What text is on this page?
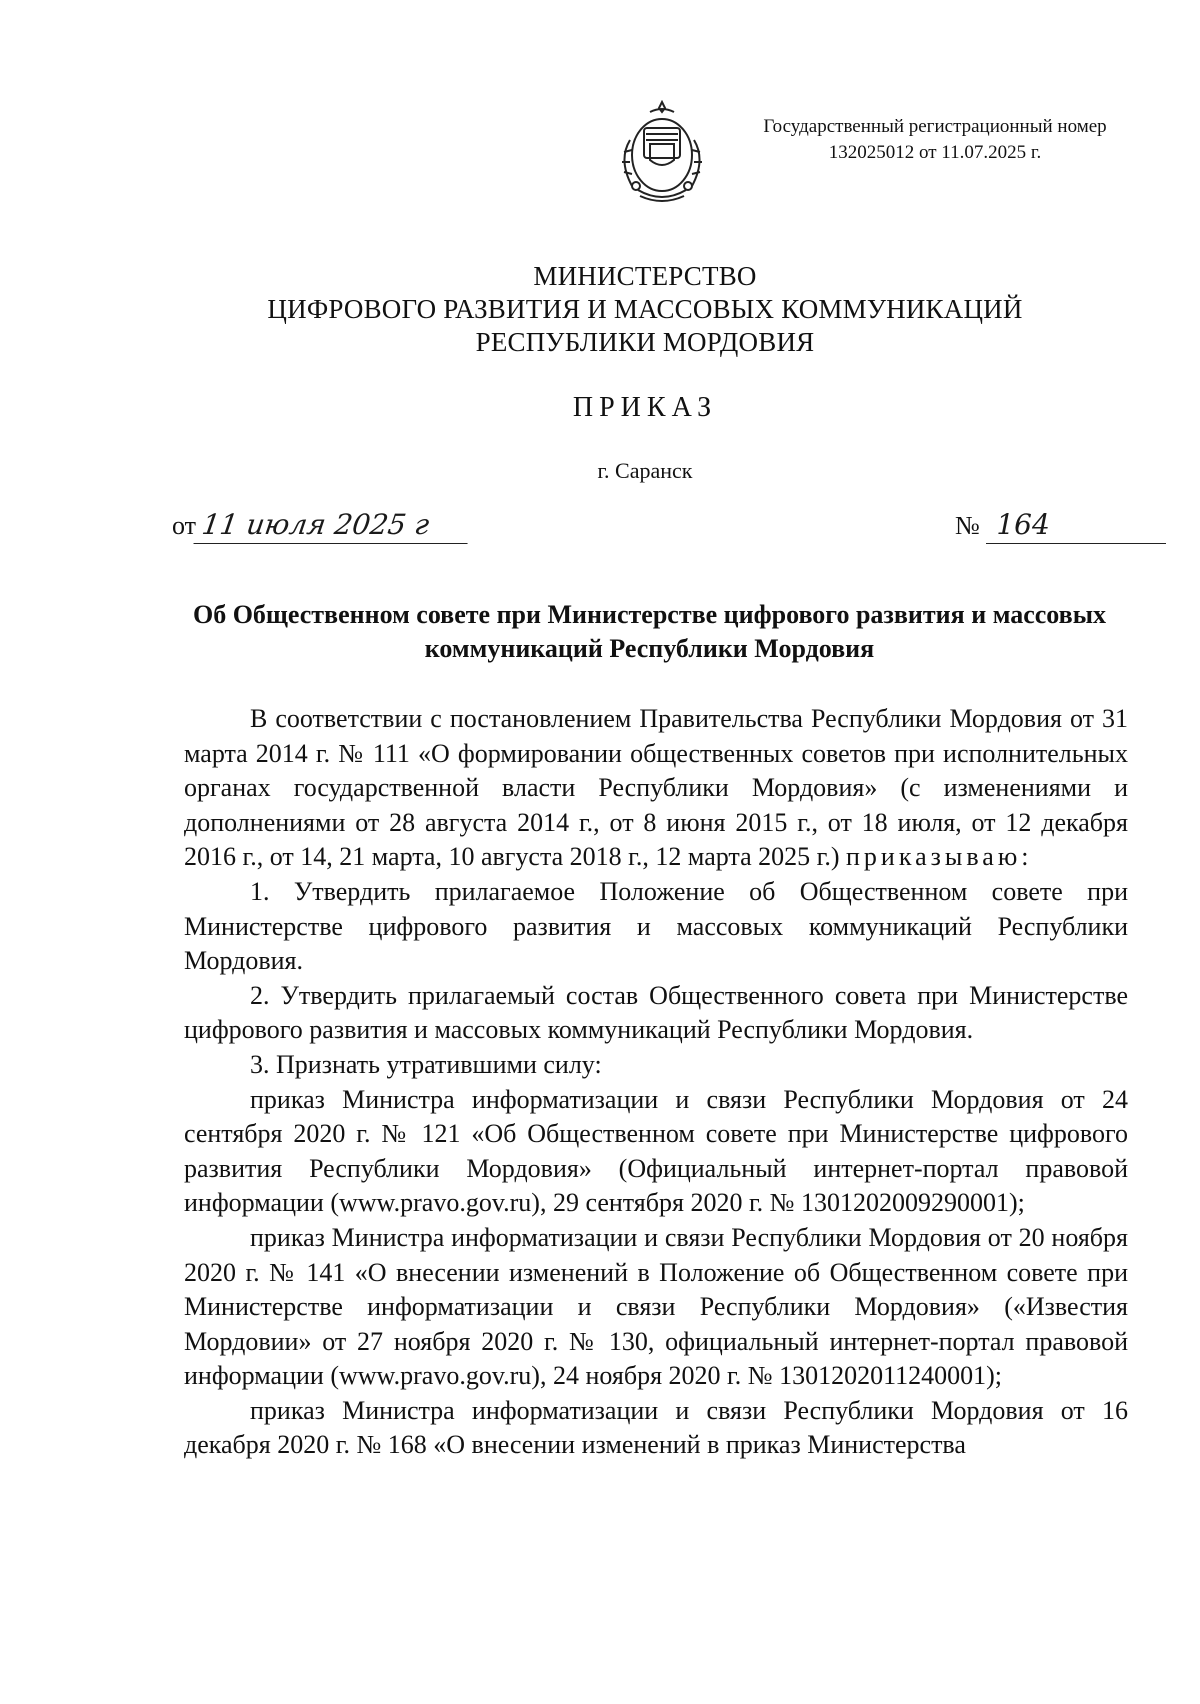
Государственный регистрационный номер
132025012 от 11.07.2025 г.
МИНИСТЕРСТВО
ЦИФРОВОГО РАЗВИТИЯ И МАССОВЫХ КОММУНИКАЦИЙ
РЕСПУБЛИКИ МОРДОВИЯ
ПРИКАЗ
г. Саранск
от 11 июля 2025 г	№ 164
Об Общественном совете при Министерстве цифрового развития и массовых коммуникаций Республики Мордовия

В соответствии с постановлением Правительства Республики Мордовия от 31 марта 2014 г. № 111 «О формировании общественных советов при исполнительных органах государственной власти Республики Мордовия» (с изменениями и дополнениями от 28 августа 2014 г., от 8 июня 2015 г., от 18 июля, от 12 декабря 2016 г., от 14, 21 марта, 10 августа 2018 г., 12 марта 2025 г.) приказываю:

1. Утвердить прилагаемое Положение об Общественном совете при Министерстве цифрового развития и массовых коммуникаций Республики Мордовия.

2. Утвердить прилагаемый состав Общественного совета при Министерстве цифрового развития и массовых коммуникаций Республики Мордовия.

3. Признать утратившими силу:

приказ Министра информатизации и связи Республики Мордовия от 24 сентября 2020 г. № 121 «Об Общественном совете при Министерстве цифрового развития Республики Мордовия» (Официальный интернет-портал правовой информации (www.pravo.gov.ru), 29 сентября 2020 г. № 1301202009290001);

приказ Министра информатизации и связи Республики Мордовия от 20 ноября 2020 г. № 141 «О внесении изменений в Положение об Общественном совете при Министерстве информатизации и связи Республики Мордовия» («Известия Мордовии» от 27 ноября 2020 г. № 130, официальный интернет-портал правовой информации (www.pravo.gov.ru), 24 ноября 2020 г. № 1301202011240001);

приказ Министра информатизации и связи Республики Мордовия от 16 декабря 2020 г. № 168 «О внесении изменений в приказ Министерства
